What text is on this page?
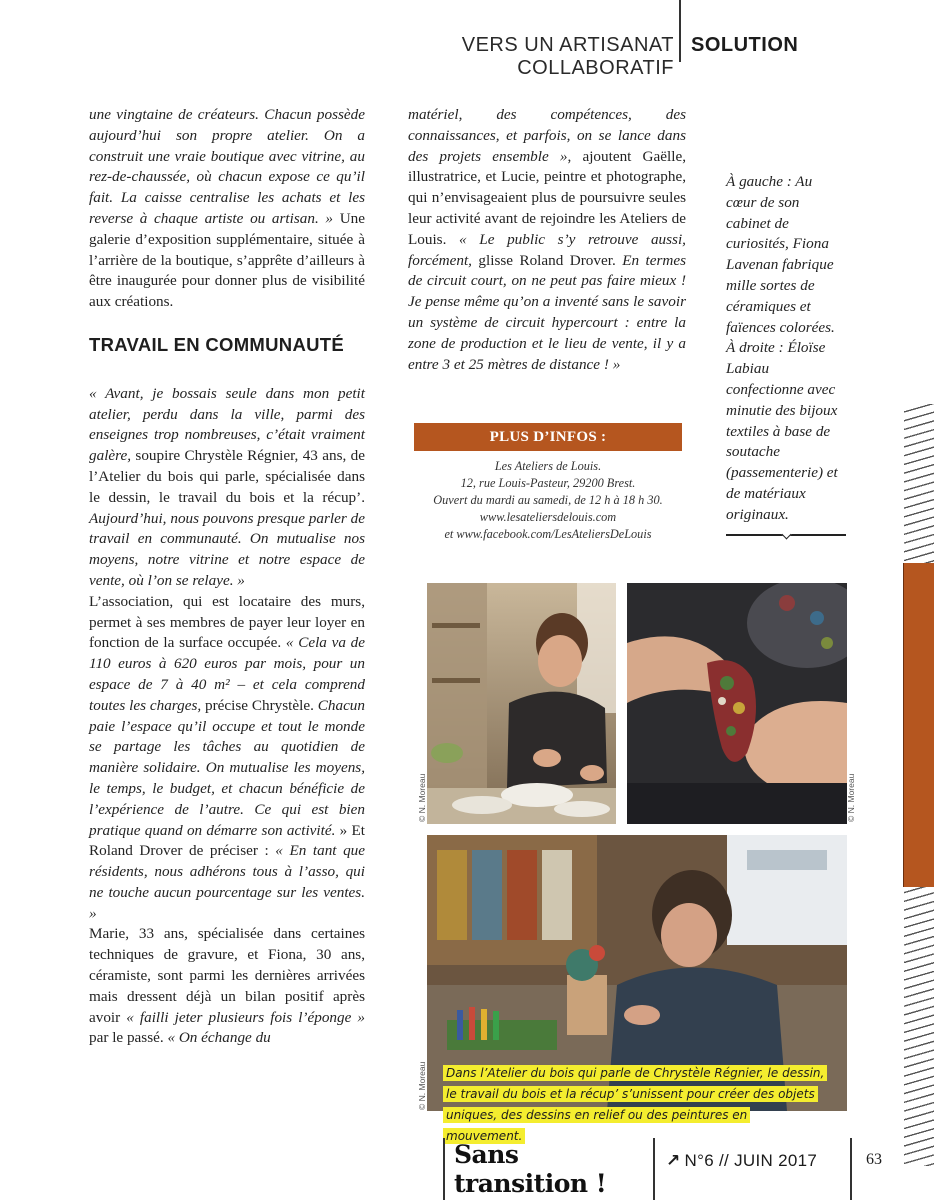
VERS UN ARTISANAT COLLABORATIF
SOLUTION

une vingtaine de créateurs. Chacun possède aujourd’hui son propre atelier. On a construit une vraie boutique avec vitrine, au rez-de-chaussée, où chacun expose ce qu’il fait. La caisse centralise les achats et les reverse à chaque artiste ou artisan. » Une galerie d’exposition supplémentaire, située à l’arrière de la boutique, s’apprête d’ailleurs à être inaugurée pour donner plus de visibilité aux créations.

TRAVAIL EN COMMUNAUTÉ

« Avant, je bossais seule dans mon petit atelier, perdu dans la ville, parmi des enseignes trop nombreuses, c’était vraiment galère, soupire Chrystèle Régnier, 43 ans, de l’Atelier du bois qui parle, spécialisée dans le dessin, le travail du bois et la récup’. Aujourd’hui, nous pouvons presque parler de travail en communauté. On mutualise nos moyens, notre vitrine et notre espace de vente, où l’on se relaye. »

L’association, qui est locataire des murs, permet à ses membres de payer leur loyer en fonction de la surface occupée. « Cela va de 110 euros à 620 euros par mois, pour un espace de 7 à 40 m² – et cela comprend toutes les charges, précise Chrystèle. Chacun paie l’espace qu’il occupe et tout le monde se partage les tâches au quotidien de manière solidaire. On mutualise les moyens, le temps, le budget, et chacun bénéficie de l’expérience de l’autre. Ce qui est bien pratique quand on démarre son activité. » Et Roland Drover de préciser : « En tant que résidents, nous adhérons tous à l’asso, qui ne touche aucun pourcentage sur les ventes. »

Marie, 33 ans, spécialisée dans certaines techniques de gravure, et Fiona, 30 ans, céramiste, sont parmi les dernières arrivées mais dressent déjà un bilan positif après avoir « failli jeter plusieurs fois l’éponge » par le passé. « On échange du

matériel, des compétences, des connaissances, et parfois, on se lance dans des projets ensemble », ajoutent Gaëlle, illustratrice, et Lucie, peintre et photographe, qui n’envisageaient plus de poursuivre seules leur activité avant de rejoindre les Ateliers de Louis. « Le public s’y retrouve aussi, forcément, glisse Roland Drover. En termes de circuit court, on ne peut pas faire mieux ! Je pense même qu’on a inventé sans le savoir un système de circuit hypercourt : entre la zone de production et le lieu de vente, il y a entre 3 et 25 mètres de distance ! »

PLUS D’INFOS :
Les Ateliers de Louis.
12, rue Louis-Pasteur, 29200 Brest.
Ouvert du mardi au samedi, de 12 h à 18 h 30.
www.lesateliersdelouis.com
et www.facebook.com/LesAteliersDeLouis
À gauche : Au cœur de son cabinet de curiosités, Fiona Lavenan fabrique mille sortes de céramiques et faïences colorées. À droite : Éloïse Labiau confectionne avec minutie des bijoux textiles à base de soutache (passementerie) et de matériaux originaux.
© N. Moreau	© N. Moreau
© N. Moreau Dans l’Atelier du bois qui parle de Chrystèle Régnier, le dessin, le travail du bois et la récup’ s’unissent pour créer des objets uniques, des dessins en relief ou des peintures en mouvement.
Sans transition !
↗ N°6 // JUIN 2017	63
